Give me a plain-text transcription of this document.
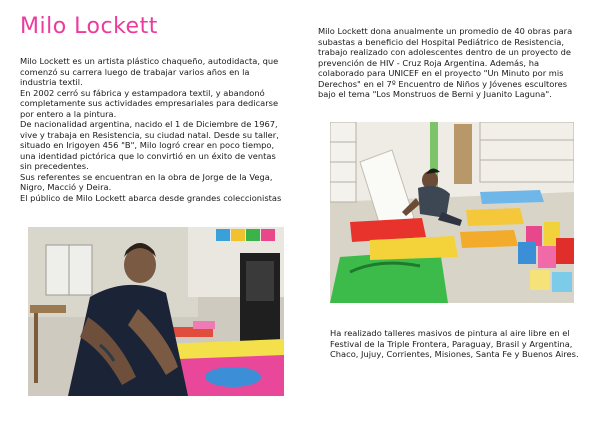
Milo Lockett

Milo Lockett es un artista plástico chaqueño, autodidacta, que comenzó su carrera luego de trabajar varios años en la industria textil.

En 2002 cerró su fábrica y estampadora textil, y abandonó completamente sus actividades empresariales para dedicarse por entero a la pintura.

De nacionalidad argentina, nacido el 1 de Diciembre de 1967, vive y trabaja en Resistencia, su ciudad natal. Desde su taller, situado en Irigoyen 456 "B", Milo logró crear en poco tiempo, una identidad pictórica que lo convirtió en un éxito de ventas sin precedentes.

Sus referentes se encuentran en la obra de Jorge de la Vega, Nigro, Macció y Deira.

El público de Milo Lockett abarca desde grandes coleccionistas

Milo Lockett dona anualmente un promedio de 40 obras para subastas a beneficio del Hospital Pediátrico de Resistencia, trabajo realizado con adolescentes dentro de un proyecto de prevención de HIV - Cruz Roja Argentina. Además, ha colaborado para UNICEF en el proyecto "Un Minuto por mis Derechos" en el 7º Encuentro de Niños y Jóvenes escultores bajo el tema "Los Monstruos de Berni y Juanito Laguna".
Ha realizado talleres masivos de pintura al aire libre en el Festival de la Triple Frontera, Paraguay, Brasil y Argentina, Chaco, Jujuy, Corrientes, Misiones, Santa Fe y Buenos Aires.
